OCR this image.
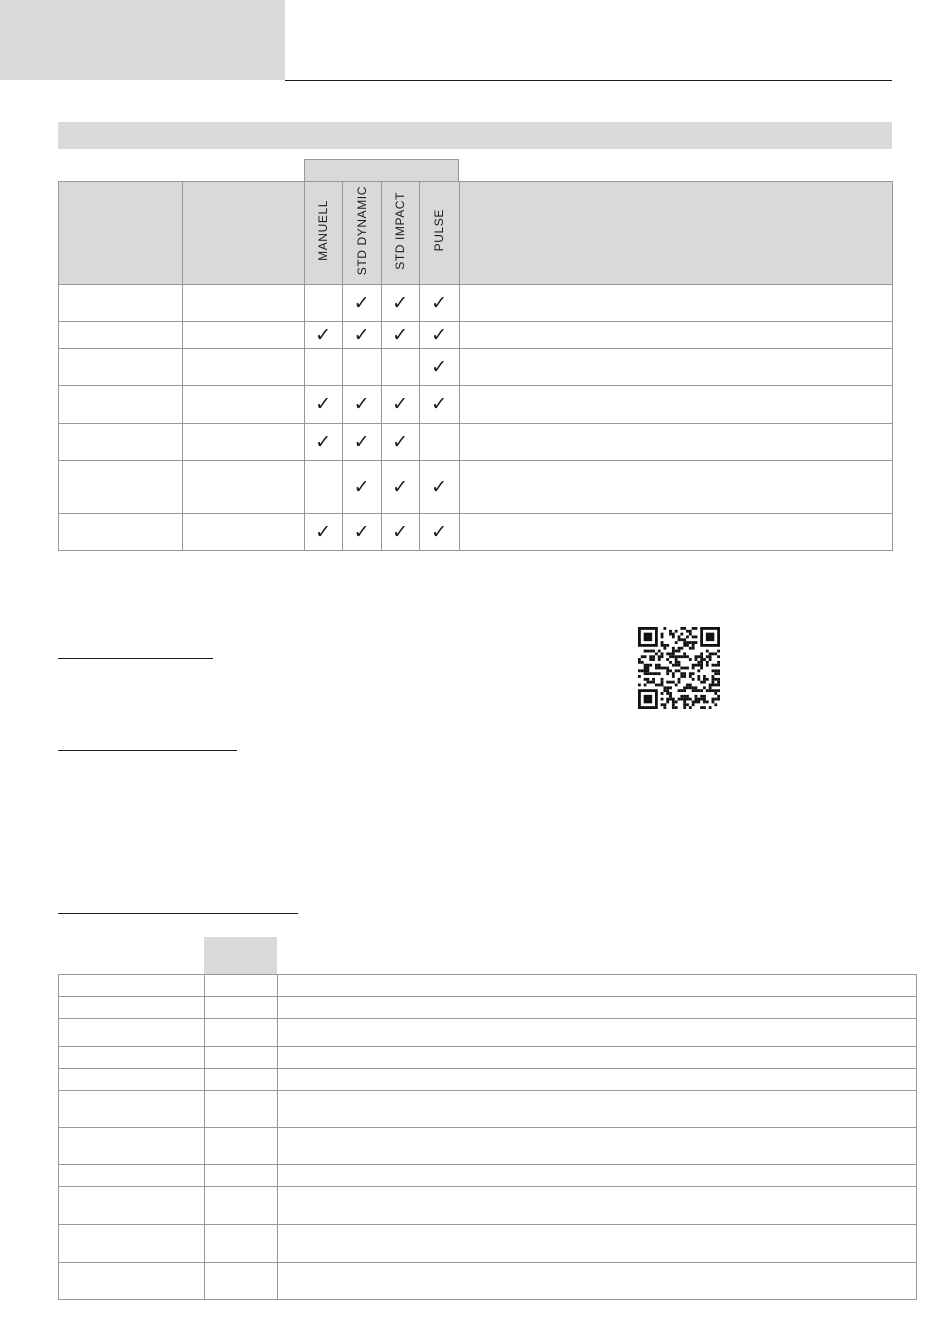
		MANUELL	STD DYNAMIC	STD IMPACT	PULSE	
			✓	✓	✓	
		✓	✓	✓	✓	
					✓	
		✓	✓	✓	✓	
		✓	✓	✓		
			✓	✓	✓	
		✓	✓	✓	✓	
